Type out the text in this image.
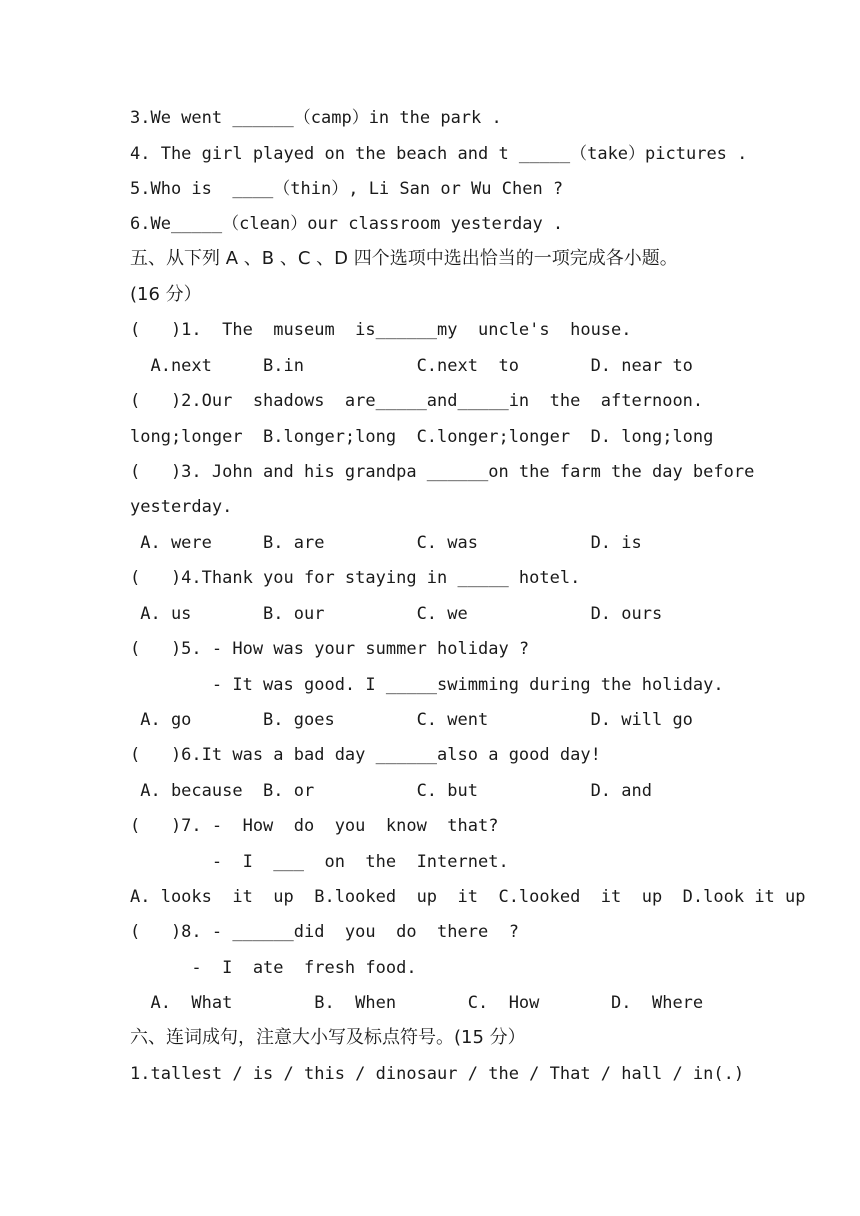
3.We went ______（camp）in the park .

4. The girl played on the beach and t _____（take）pictures .

5.Who is  ____（thin）, Li San or Wu Chen ?

6.We_____（clean）our classroom yesterday .

五、从下列 A 、B 、C 、D 四个选项中选出恰当的一项完成各小题。

(16 分）

(   )1.  The  museum  is______my  uncle's  house.

A.next     B.in           C.next  to       D. near to

(   )2.Our  shadows  are_____and_____in  the  afternoon.

long;longer  B.longer;long  C.longer;longer  D. long;long

(   )3. John and his grandpa ______on the farm the day before

yesterday.

A. were     B. are         C. was           D. is

(   )4.Thank you for staying in _____ hotel.

A. us       B. our         C. we            D. ours

(   )5. - How was your summer holiday ?

- It was good. I _____swimming during the holiday.

A. go       B. goes        C. went          D. will go

(   )6.It was a bad day ______also a good day!

A. because  B. or          C. but           D. and

(   )7. -  How  do  you  know  that?

-  I  ___  on  the  Internet.

A. looks  it  up  B.looked  up  it  C.looked  it  up  D.look it up

(   )8. - ______did  you  do  there  ?

-  I  ate  fresh food.

A.  What        B.  When       C.  How       D.  Where

六、连词成句，注意大小写及标点符号。(15 分）

1.tallest / is / this / dinosaur / the / That / hall / in(.)
